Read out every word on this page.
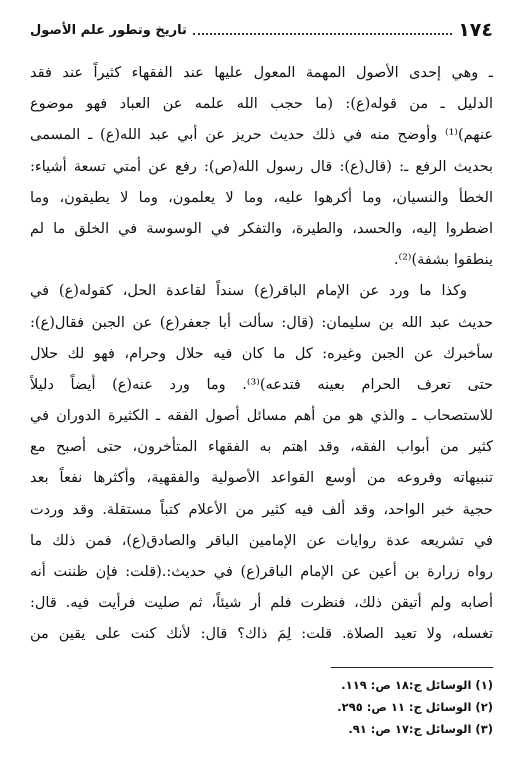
١٧٤
تاريخ وتطور علم الأصول
ـ وهي إحدى الأصول المهمة المعول عليها عند الفقهاء كثيراً عند فقد
الدليل ـ من قوله(ع): (ما حجب الله علمه عن العباد فهو موضوع
عنهم)⁽¹⁾ وأوضح منه في ذلك حديث حريز عن أبي عبد الله(ع) ـ المسمى
بحديث الرفع ـ: (قال(ع): قال رسول الله(ص): رفع عن أمتي تسعة أشياء:
الخطأ والنسيان، وما أكرهوا عليه، وما لا يعلمون، وما لا يطيقون، وما
اضطروا إليه، والحسد، والطيرة، والتفكر في الوسوسة في الخلق ما لم
ينطقوا بشفة)⁽²⁾.
وكذا ما ورد عن الإمام الباقر(ع) سنداً لقاعدة الحل، كقوله(ع) في
حديث عبد الله بن سليمان: (قال: سألت أبا جعفر(ع) عن الجبن فقال(ع):
سأخبرك عن الجبن وغيره: كل ما كان فيه حلال وحرام، فهو لك حلال
حتى تعرف الحرام بعينه فتدعه)⁽³⁾. وما ورد عنه(ع) أيضاً دليلاً
للاستصحاب ـ والذي هو من أهم مسائل أصول الفقه ـ الكثيرة الدوران في
كثير من أبواب الفقه، وقد اهتم به الفقهاء المتأخرون، حتى أصبح مع
تنبيهاته وفروعه من أوسع القواعد الأصولية والفقهية، وأكثرها نفعاً بعد
حجية خبر الواحد، وقد ألف فيه كثير من الأعلام كتباً مستقلة. وقد وردت
في تشريعه عدة روايات عن الإمامين الباقر والصادق(ع)، فمن ذلك ما
رواه زرارة بن أعين عن الإمام الباقر(ع) في حديث:.(قلت: فإن ظننت أنه
أصابه ولم أتيقن ذلك، فنظرت فلم أر شيئاً، ثم صليت فرأيت فيه. قال:
تغسله، ولا تعيد الصلاة. قلت: لِمَ ذاك؟ قال: لأنك كنت على يقين من
(١) الوسائل ج:١٨ ص: ١١٩.
(٢) الوسائل ج: ١١ ص: ٢٩٥.
(٣) الوسائل ج:١٧ ص: ٩١.
